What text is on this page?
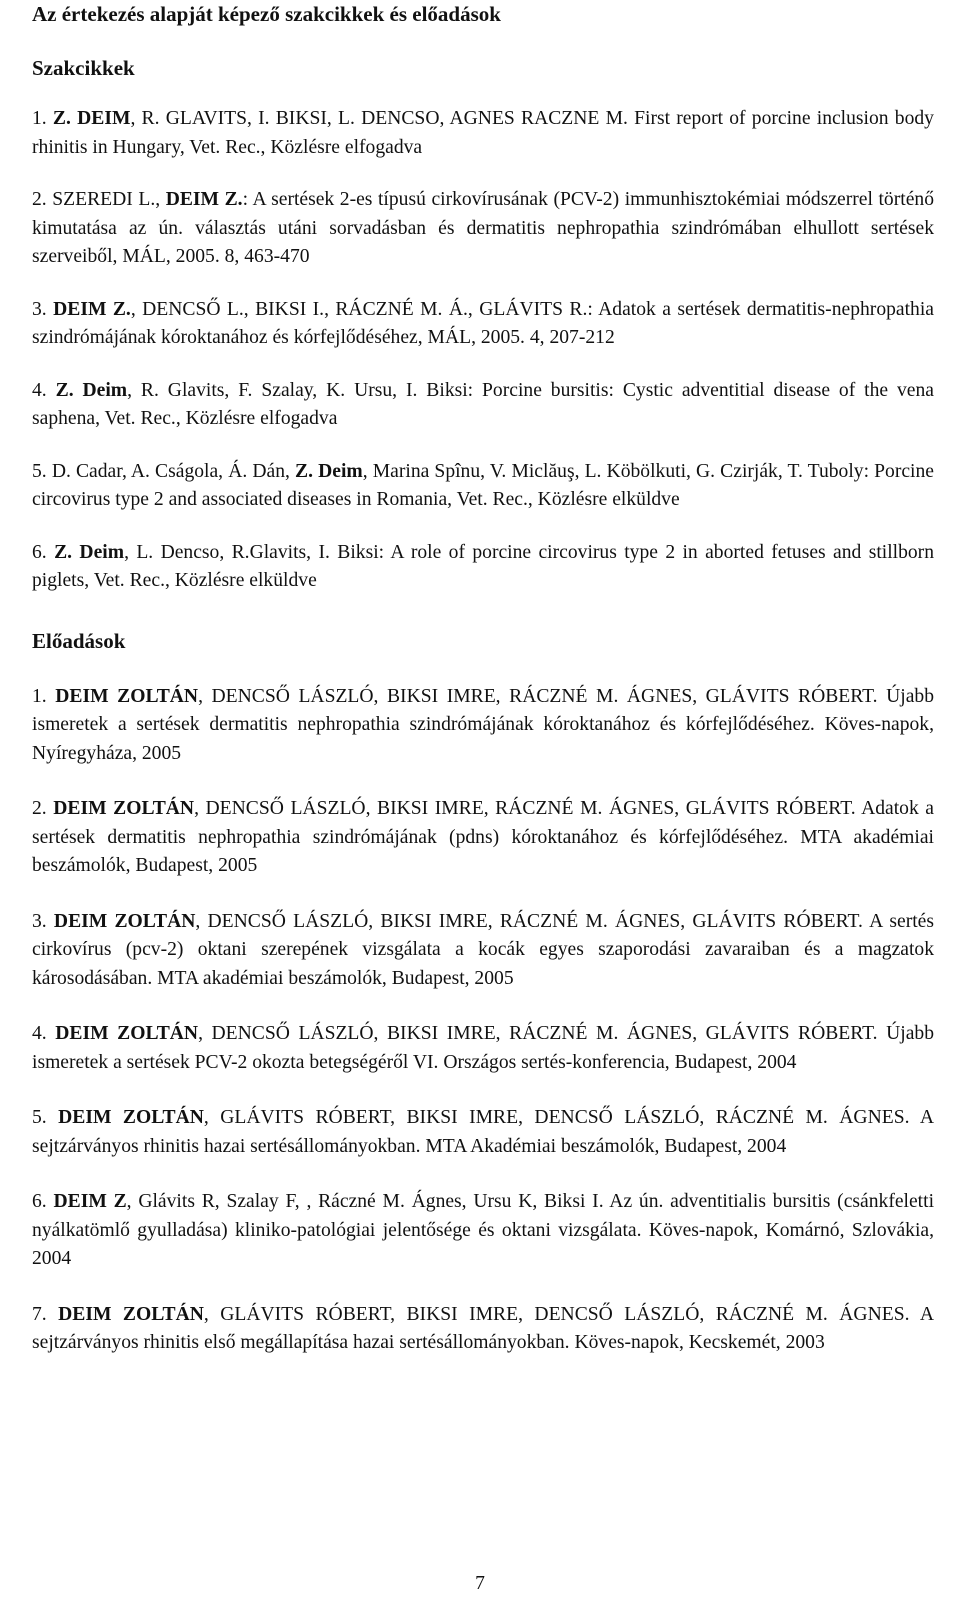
Az értekezés alapját képező szakcikkek és előadások

Szakcikkek

1. Z. DEIM, R. GLAVITS, I. BIKSI, L. DENCSO, AGNES RACZNE M. First report of porcine inclusion body rhinitis in Hungary, Vet. Rec., Közlésre elfogadva

2. SZEREDI L., DEIM Z.: A sertések 2-es típusú cirkovírusának (PCV-2) immunhisztokémiai módszerrel történő kimutatása az ún. választás utáni sorvadásban és dermatitis nephropathia szindrómában elhullott sertések szerveiből, MÁL, 2005. 8, 463-470

3. DEIM Z., DENCSŐ L., BIKSI I., RÁCZNÉ M. Á., GLÁVITS R.: Adatok a sertések dermatitis-nephropathia szindrómájának kóroktanához és kórfejlődéséhez, MÁL, 2005. 4, 207-212

4. Z. Deim, R. Glavits, F. Szalay, K. Ursu, I. Biksi: Porcine bursitis: Cystic adventitial disease of the vena saphena, Vet. Rec., Közlésre elfogadva

5. D. Cadar, A. Cságola, Á. Dán, Z. Deim, Marina Spînu, V. Miclăuş, L. Köbölkuti, G. Czirják, T. Tuboly: Porcine circovirus type 2 and associated diseases in Romania, Vet. Rec., Közlésre elküldve

6. Z. Deim, L. Dencso, R.Glavits, I. Biksi: A role of porcine circovirus type 2 in aborted fetuses and stillborn piglets, Vet. Rec., Közlésre elküldve

Előadások

1. DEIM ZOLTÁN, DENCSŐ LÁSZLÓ, BIKSI IMRE, RÁCZNÉ M. ÁGNES, GLÁVITS RÓBERT. Újabb ismeretek a sertések dermatitis nephropathia szindrómájának kóroktanához és kórfejlődéséhez. Köves-napok, Nyíregyháza, 2005

2. DEIM ZOLTÁN, DENCSŐ LÁSZLÓ, BIKSI IMRE, RÁCZNÉ M. ÁGNES, GLÁVITS RÓBERT. Adatok a sertések dermatitis nephropathia szindrómájának (pdns) kóroktanához és kórfejlődéséhez. MTA akadémiai beszámolók, Budapest, 2005

3. DEIM ZOLTÁN, DENCSŐ LÁSZLÓ, BIKSI IMRE, RÁCZNÉ M. ÁGNES, GLÁVITS RÓBERT. A sertés cirkovírus (pcv-2) oktani szerepének vizsgálata a kocák egyes szaporodási zavaraiban és a magzatok károsodásában. MTA akadémiai beszámolók, Budapest, 2005

4. DEIM ZOLTÁN, DENCSŐ LÁSZLÓ, BIKSI IMRE, RÁCZNÉ M. ÁGNES, GLÁVITS RÓBERT. Újabb ismeretek a sertések PCV-2 okozta betegségéről VI. Országos sertés-konferencia, Budapest, 2004

5. DEIM ZOLTÁN, GLÁVITS RÓBERT, BIKSI IMRE, DENCSŐ LÁSZLÓ, RÁCZNÉ M. ÁGNES. A sejtzárványos rhinitis hazai sertésállományokban. MTA Akadémiai beszámolók, Budapest, 2004

6. DEIM Z, Glávits R, Szalay F, , Ráczné M. Ágnes, Ursu K, Biksi I. Az ún. adventitialis bursitis (csánkfeletti nyálkatömlő gyulladása) kliniko-patológiai jelentősége és oktani vizsgálata. Köves-napok, Komárnó, Szlovákia, 2004

7. DEIM ZOLTÁN, GLÁVITS RÓBERT, BIKSI IMRE, DENCSŐ LÁSZLÓ, RÁCZNÉ M. ÁGNES. A sejtzárványos rhinitis első megállapítása hazai sertésállományokban. Köves-napok, Kecskemét, 2003

7
